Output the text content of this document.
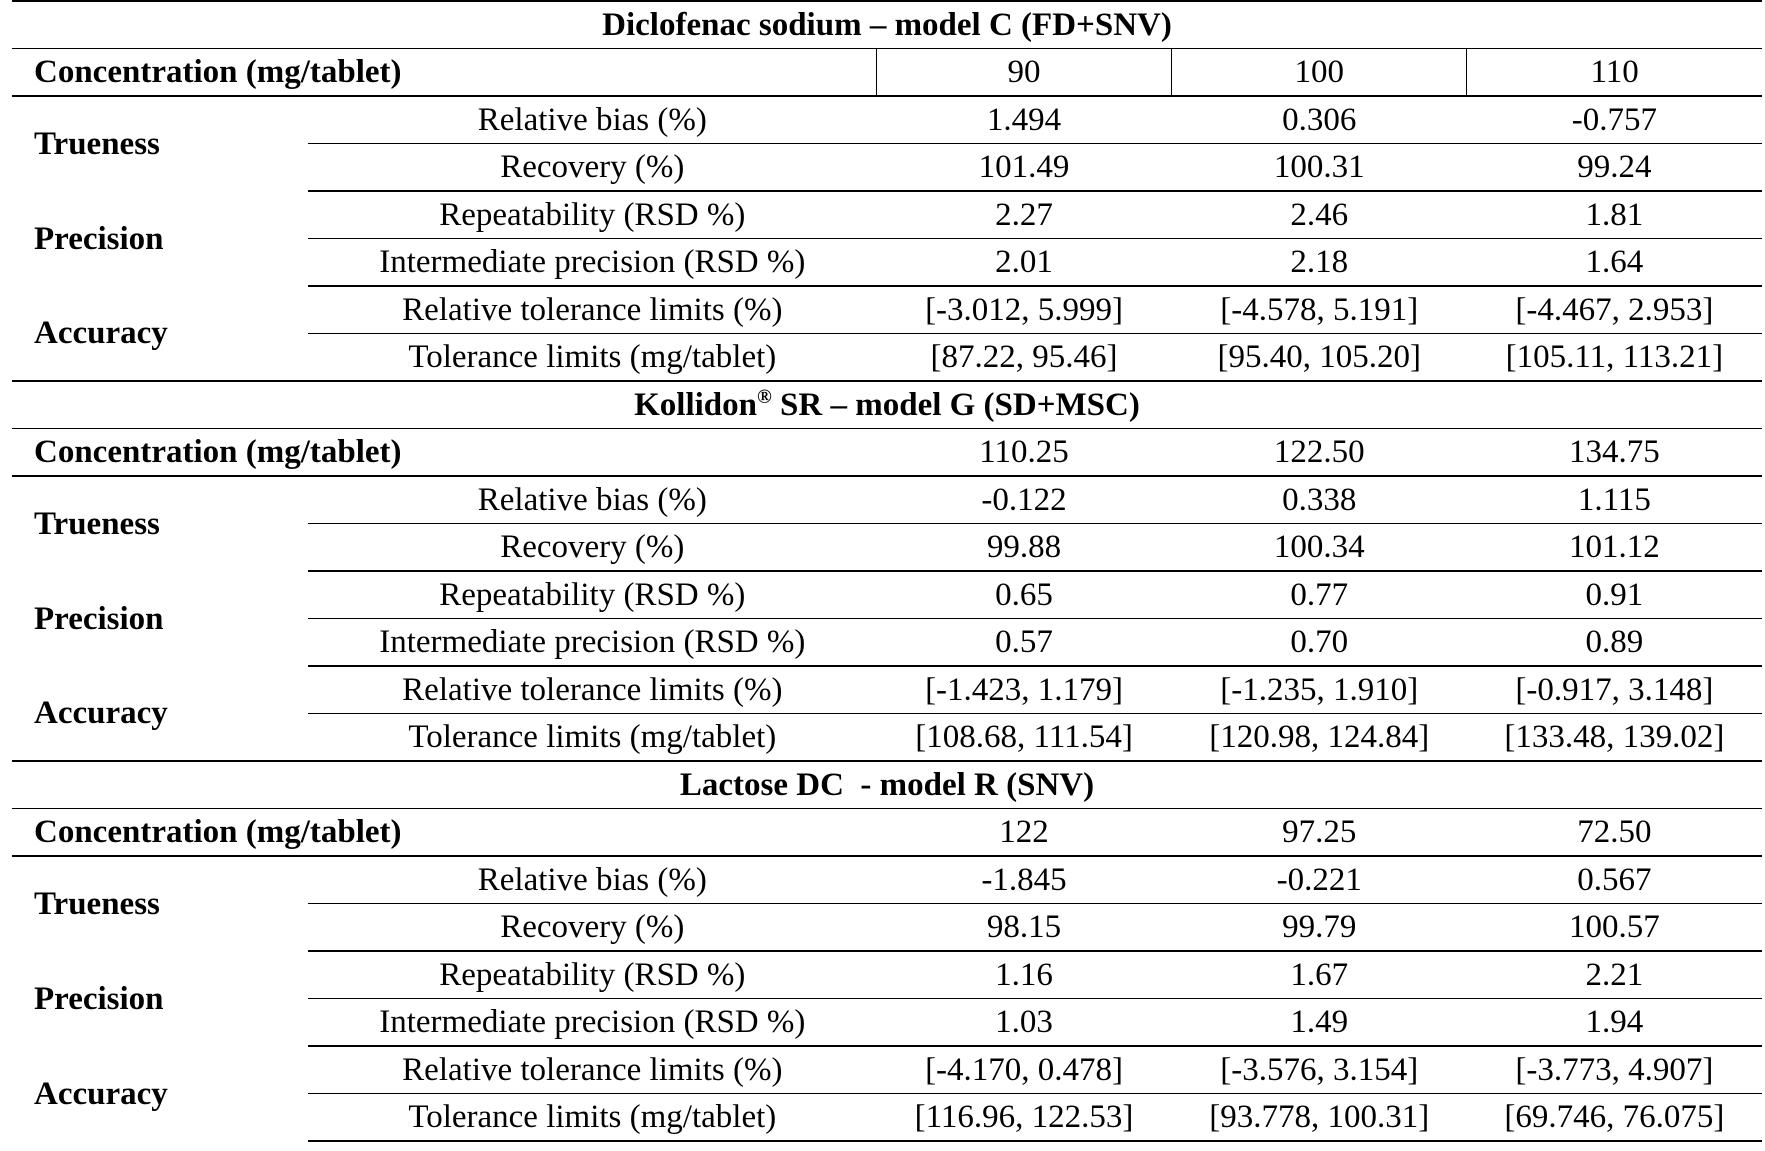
Diclofenac sodium – model C (FD+SNV)				
Concentration (mg/tablet)		90	100	110
Trueness	Relative bias (%)	1.494	0.306	-0.757
	Recovery (%)	101.49	100.31	99.24
Precision	Repeatability (RSD %)	2.27	2.46	1.81
	Intermediate precision (RSD %)	2.01	2.18	1.64
Accuracy	Relative tolerance limits (%)	[-3.012, 5.999]	[-4.578, 5.191]	[-4.467, 2.953]
	Tolerance limits (mg/tablet)	[87.22, 95.46]	[95.40, 105.20]	[105.11, 113.21]
Kollidon® SR – model G (SD+MSC)				
Concentration (mg/tablet)		110.25	122.50	134.75
Trueness	Relative bias (%)	-0.122	0.338	1.115
	Recovery (%)	99.88	100.34	101.12
Precision	Repeatability (RSD %)	0.65	0.77	0.91
	Intermediate precision (RSD %)	0.57	0.70	0.89
Accuracy	Relative tolerance limits (%)	[-1.423, 1.179]	[-1.235, 1.910]	[-0.917, 3.148]
	Tolerance limits (mg/tablet)	[108.68, 111.54]	[120.98, 124.84]	[133.48, 139.02]
Lactose DC  - model R (SNV)				
Concentration (mg/tablet)		122	97.25	72.50
Trueness	Relative bias (%)	-1.845	-0.221	0.567
	Recovery (%)	98.15	99.79	100.57
Precision	Repeatability (RSD %)	1.16	1.67	2.21
	Intermediate precision (RSD %)	1.03	1.49	1.94
Accuracy	Relative tolerance limits (%)	[-4.170, 0.478]	[-3.576, 3.154]	[-3.773, 4.907]
	Tolerance limits (mg/tablet)	[116.96, 122.53]	[93.778, 100.31]	[69.746, 76.075]
